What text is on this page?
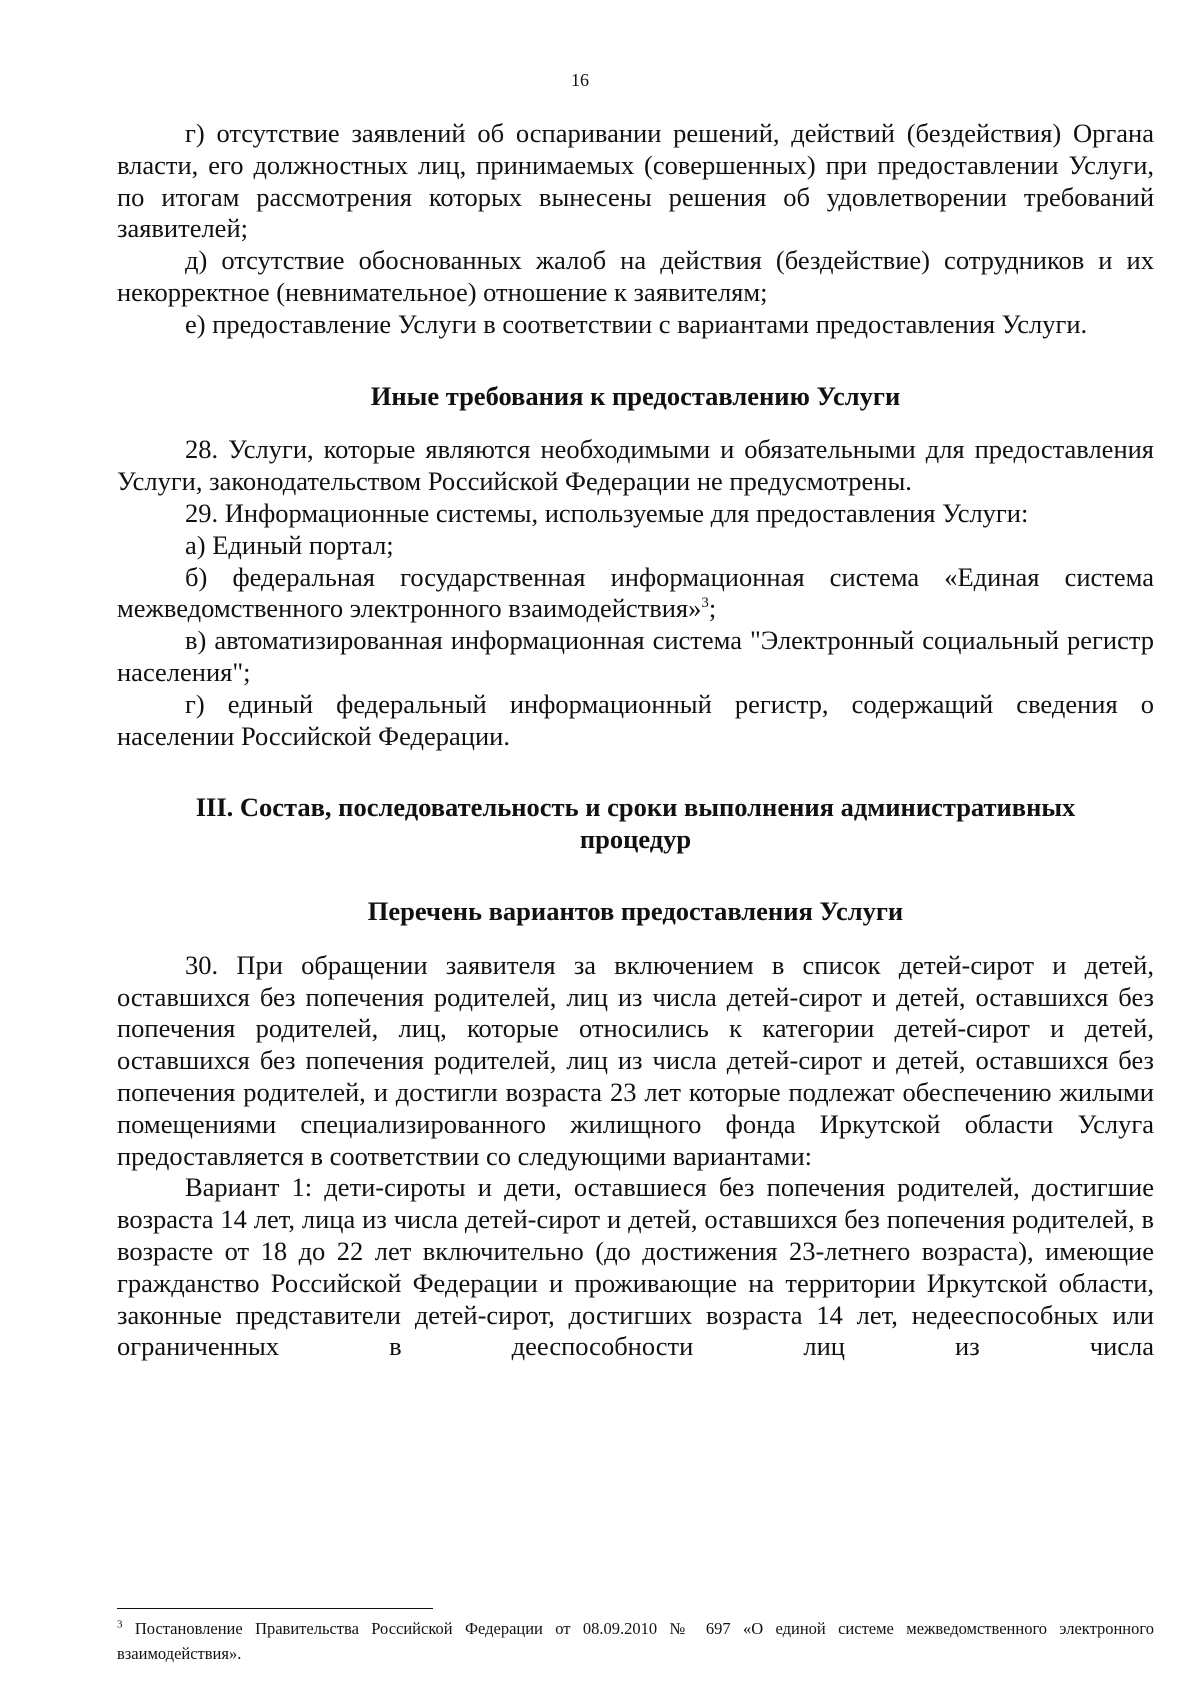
16

г) отсутствие заявлений об оспаривании решений, действий (бездействия) Органа власти, его должностных лиц, принимаемых (совершенных) при предоставлении Услуги, по итогам рассмотрения которых вынесены решения об удовлетворении требований заявителей;

д) отсутствие обоснованных жалоб на действия (бездействие) сотрудников и их некорректное (невнимательное) отношение к заявителям;

е) предоставление Услуги в соответствии с вариантами предоставления Услуги.

Иные требования к предоставлению Услуги

28. Услуги, которые являются необходимыми и обязательными для предоставления Услуги, законодательством Российской Федерации не предусмотрены.

29. Информационные системы, используемые для предоставления Услуги:

а) Единый портал;

б) федеральная государственная информационная система «Единая система межведомственного электронного взаимодействия»$^3$;

в) автоматизированная информационная система "Электронный социальный регистр населения";

г) единый федеральный информационный регистр, содержащий сведения о населении Российской Федерации.

III. Состав, последовательность и сроки выполнения административных процедур

Перечень вариантов предоставления Услуги

30. При обращении заявителя за включением в список детей-сирот и детей, оставшихся без попечения родителей, лиц из числа детей-сирот и детей, оставшихся без попечения родителей, лиц, которые относились к категории детей-сирот и детей, оставшихся без попечения родителей, лиц из числа детей-сирот и детей, оставшихся без попечения родителей, и достигли возраста 23 лет которые подлежат обеспечению жилыми помещениями специализированного жилищного фонда Иркутской области Услуга предоставляется в соответствии со следующими вариантами:

Вариант 1: дети-сироты и дети, оставшиеся без попечения родителей, достигшие возраста 14 лет, лица из числа детей-сирот и детей, оставшихся без попечения родителей, в возрасте от 18 до 22 лет включительно (до достижения 23-летнего возраста), имеющие гражданство Российской Федерации и проживающие на территории Иркутской области, законные представители детей-сирот, достигших возраста 14 лет, недееспособных или ограниченных в дееспособности лиц из числа

$^3$ Постановление Правительства Российской Федерации от 08.09.2010 № 697 «О единой системе межведомственного электронного взаимодействия».
